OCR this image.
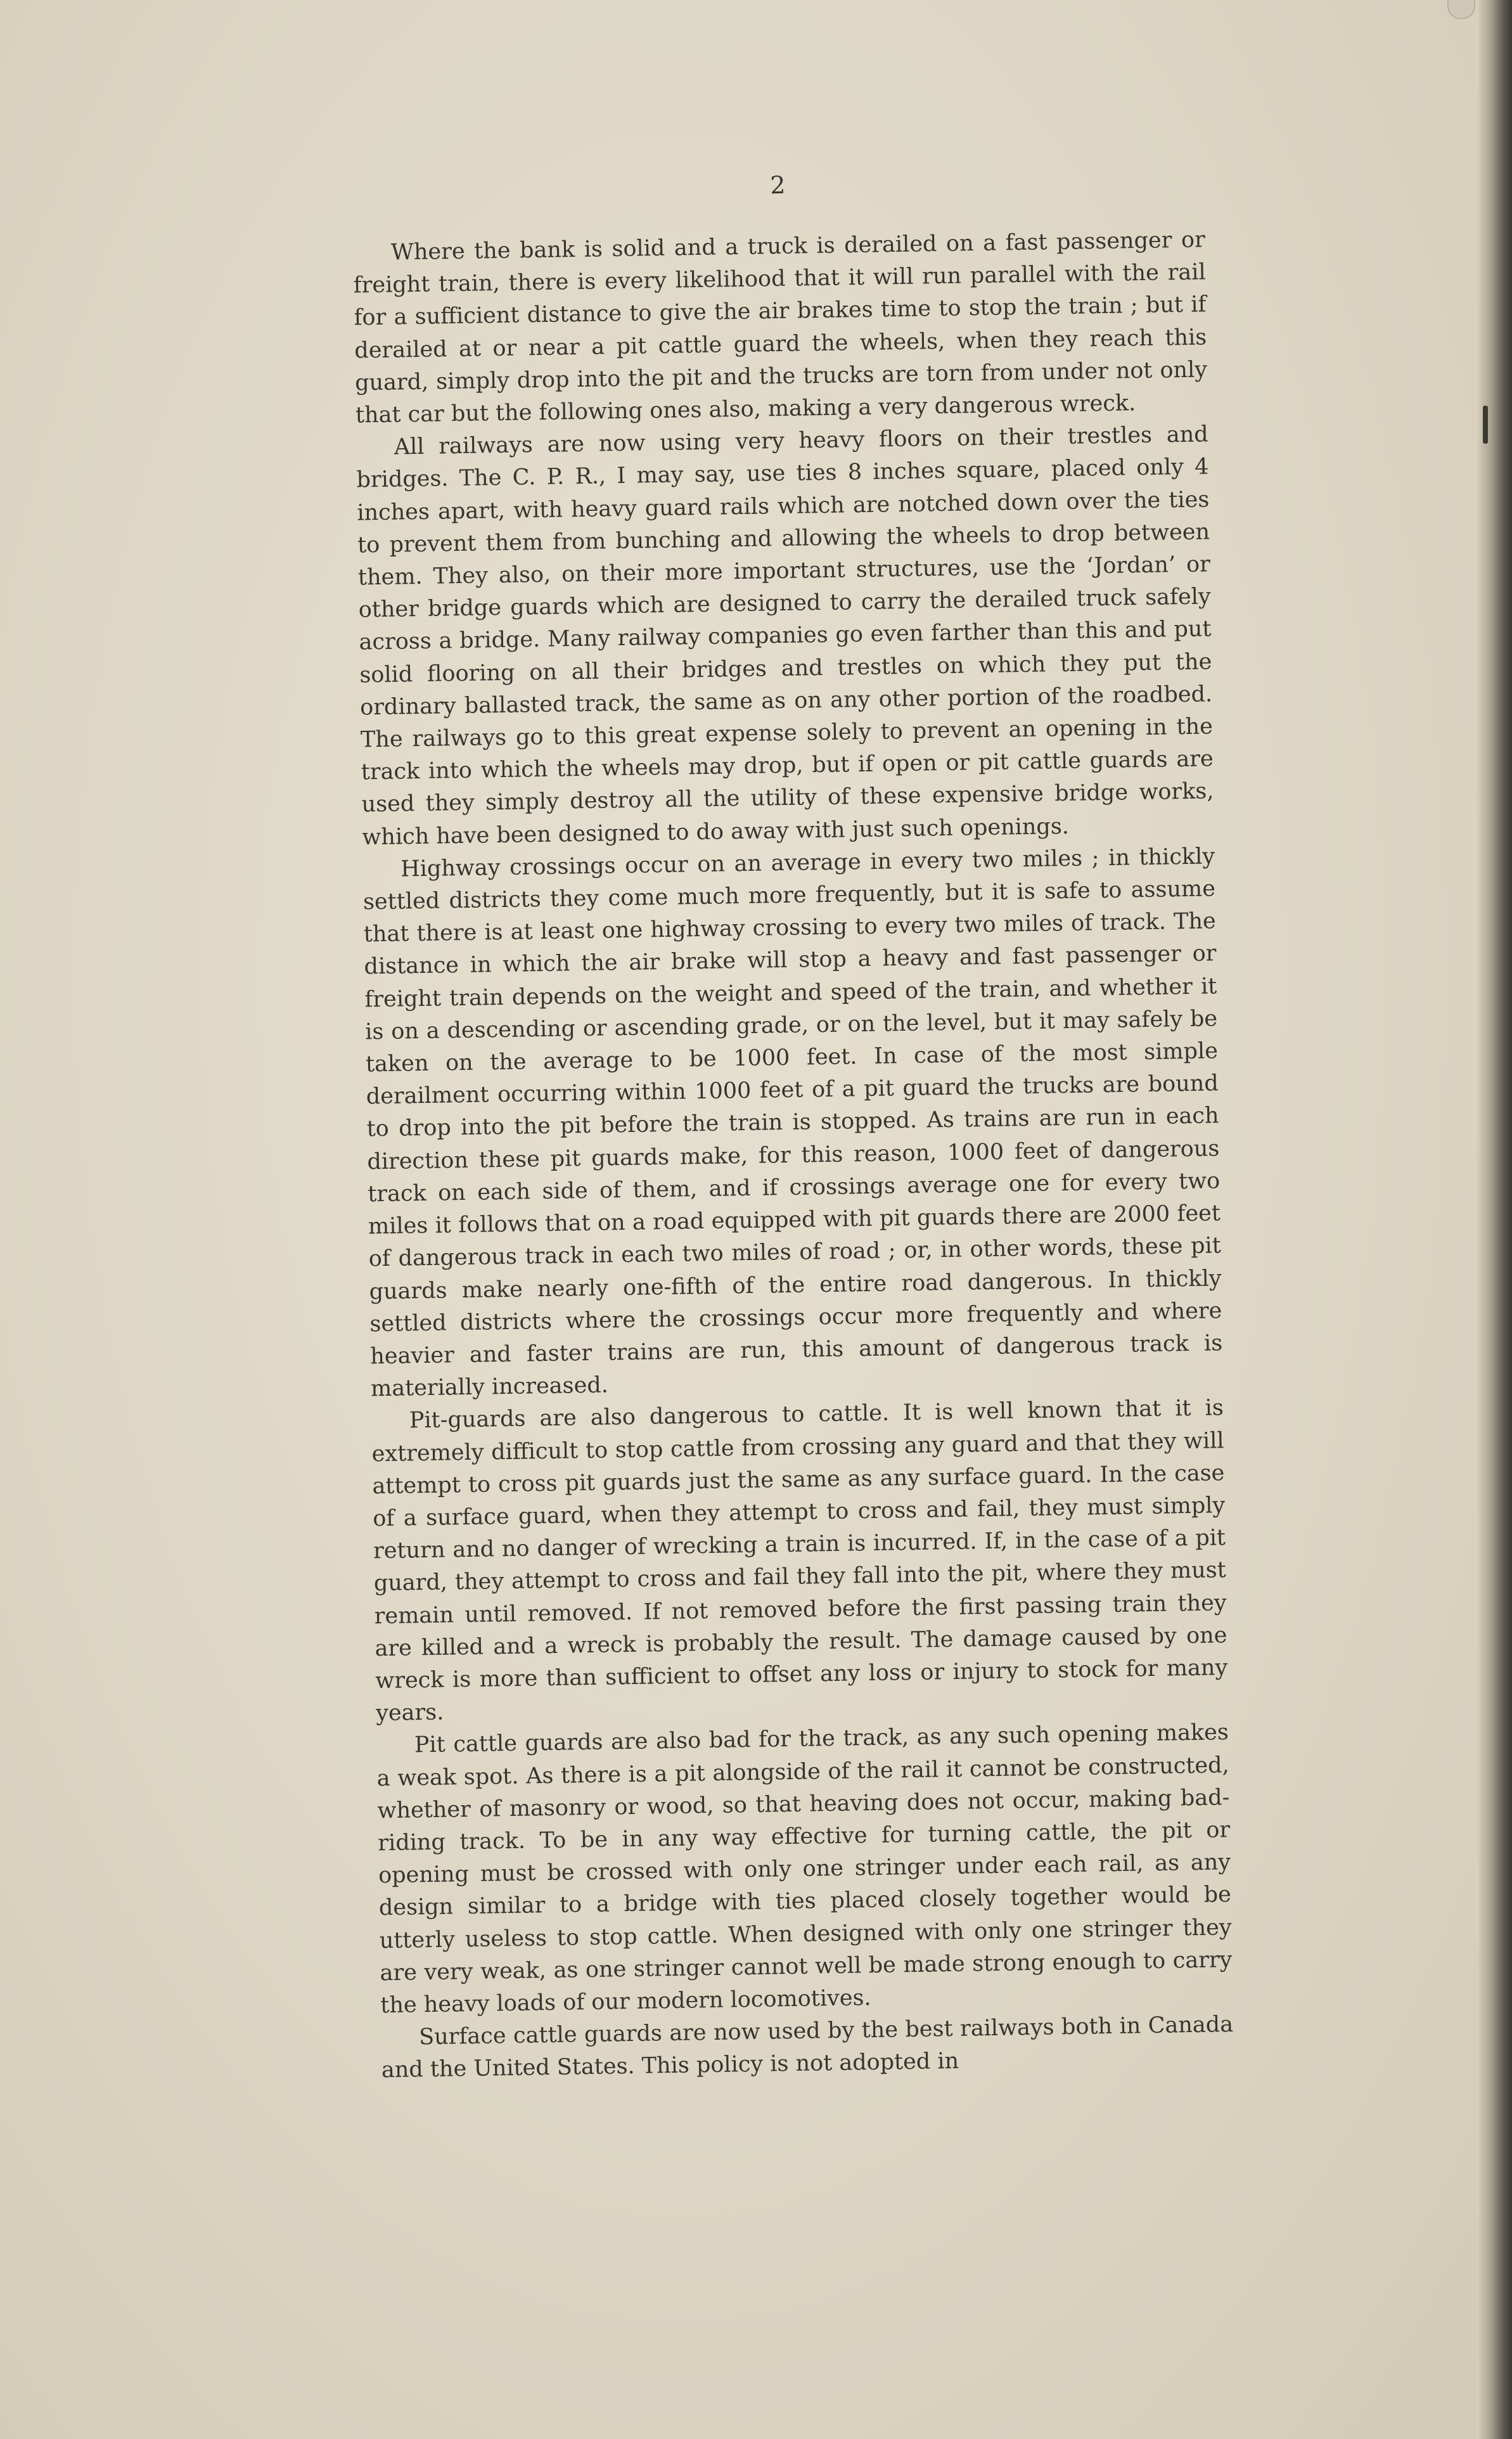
2

Where the bank is solid and a truck is derailed on a fast passenger or freight train, there is every likelihood that it will run parallel with the rail for a sufficient distance to give the air brakes time to stop the train ; but if derailed at or near a pit cattle guard the wheels, when they reach this guard, simply drop into the pit and the trucks are torn from under not only that car but the following ones also, making a very dangerous wreck.

All railways are now using very heavy floors on their trestles and bridges. The C. P. R., I may say, use ties 8 inches square, placed only 4 inches apart, with heavy guard rails which are notched down over the ties to prevent them from bunching and allowing the wheels to drop between them. They also, on their more important structures, use the ‘Jordan’ or other bridge guards which are designed to carry the derailed truck safely across a bridge. Many railway companies go even farther than this and put solid flooring on all their bridges and trestles on which they put the ordinary ballasted track, the same as on any other portion of the roadbed. The railways go to this great expense solely to prevent an opening in the track into which the wheels may drop, but if open or pit cattle guards are used they simply destroy all the utility of these expensive bridge works, which have been designed to do away with just such openings.

Highway crossings occur on an average in every two miles ; in thickly settled districts they come much more frequently, but it is safe to assume that there is at least one highway crossing to every two miles of track. The distance in which the air brake will stop a heavy and fast passenger or freight train depends on the weight and speed of the train, and whether it is on a descending or ascending grade, or on the level, but it may safely be taken on the average to be 1000 feet. In case of the most simple derailment occurring within 1000 feet of a pit guard the trucks are bound to drop into the pit before the train is stopped. As trains are run in each direction these pit guards make, for this reason, 1000 feet of dangerous track on each side of them, and if crossings average one for every two miles it follows that on a road equipped with pit guards there are 2000 feet of dangerous track in each two miles of road ; or, in other words, these pit guards make nearly one-fifth of the entire road dangerous. In thickly settled districts where the crossings occur more frequently and where heavier and faster trains are run, this amount of dangerous track is materially increased.

Pit-guards are also dangerous to cattle. It is well known that it is extremely difficult to stop cattle from crossing any guard and that they will attempt to cross pit guards just the same as any surface guard. In the case of a surface guard, when they attempt to cross and fail, they must simply return and no danger of wrecking a train is incurred. If, in the case of a pit guard, they attempt to cross and fail they fall into the pit, where they must remain until removed. If not removed before the first passing train they are killed and a wreck is probably the result. The damage caused by one wreck is more than sufficient to offset any loss or injury to stock for many years.

Pit cattle guards are also bad for the track, as any such opening makes a weak spot. As there is a pit alongside of the rail it cannot be constructed, whether of masonry or wood, so that heaving does not occur, making bad-riding track. To be in any way effective for turning cattle, the pit or opening must be crossed with only one stringer under each rail, as any design similar to a bridge with ties placed closely together would be utterly useless to stop cattle. When designed with only one stringer they are very weak, as one stringer cannot well be made strong enough to carry the heavy loads of our modern locomotives.

Surface cattle guards are now used by the best railways both in Canada and the United States. This policy is not adopted in
